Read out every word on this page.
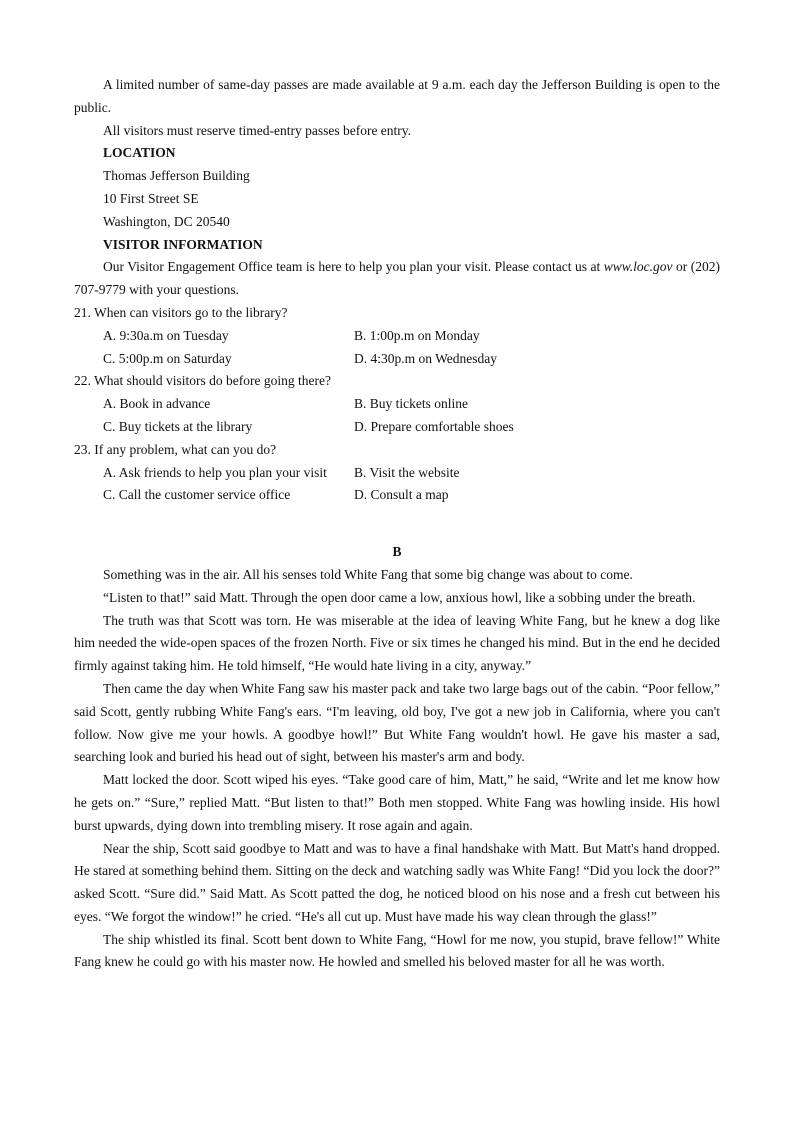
A limited number of same-day passes are made available at 9 a.m. each day the Jefferson Building is open to the public.

All visitors must reserve timed-entry passes before entry.

LOCATION

Thomas Jefferson Building

10 First Street SE

Washington, DC 20540

VISITOR INFORMATION

Our Visitor Engagement Office team is here to help you plan your visit. Please contact us at www.loc.gov or (202) 707-9779 with your questions.

21. When can visitors go to the library?

A. 9:30a.m on Tuesday	B. 1:00p.m on Monday
C. 5:00p.m on Saturday	D. 4:30p.m on Wednesday

22. What should visitors do before going there?

A. Book in advance	B. Buy tickets online
C. Buy tickets at the library	D. Prepare comfortable shoes

23. If any problem, what can you do?

A. Ask friends to help you plan your visit	B. Visit the website
C. Call the customer service office	D. Consult a map

B

Something was in the air. All his senses told White Fang that some big change was about to come.

“Listen to that!” said Matt. Through the open door came a low, anxious howl, like a sobbing under the breath.

The truth was that Scott was torn. He was miserable at the idea of leaving White Fang, but he knew a dog like him needed the wide-open spaces of the frozen North. Five or six times he changed his mind. But in the end he decided firmly against taking him. He told himself, “He would hate living in a city, anyway.”

Then came the day when White Fang saw his master pack and take two large bags out of the cabin. “Poor fellow,” said Scott, gently rubbing White Fang's ears. “I'm leaving, old boy, I've got a new job in California, where you can't follow. Now give me your howls. A goodbye howl!” But White Fang wouldn't howl. He gave his master a sad, searching look and buried his head out of sight, between his master's arm and body.

Matt locked the door. Scott wiped his eyes. “Take good care of him, Matt,” he said, “Write and let me know how he gets on.” “Sure,” replied Matt. “But listen to that!” Both men stopped. White Fang was howling inside. His howl burst upwards, dying down into trembling misery. It rose again and again.

Near the ship, Scott said goodbye to Matt and was to have a final handshake with Matt. But Matt's hand dropped. He stared at something behind them. Sitting on the deck and watching sadly was White Fang! “Did you lock the door?” asked Scott. “Sure did.” Said Matt. As Scott patted the dog, he noticed blood on his nose and a fresh cut between his eyes. “We forgot the window!” he cried. “He's all cut up. Must have made his way clean through the glass!”

The ship whistled its final. Scott bent down to White Fang, “Howl for me now, you stupid, brave fellow!” White Fang knew he could go with his master now. He howled and smelled his beloved master for all he was worth.
